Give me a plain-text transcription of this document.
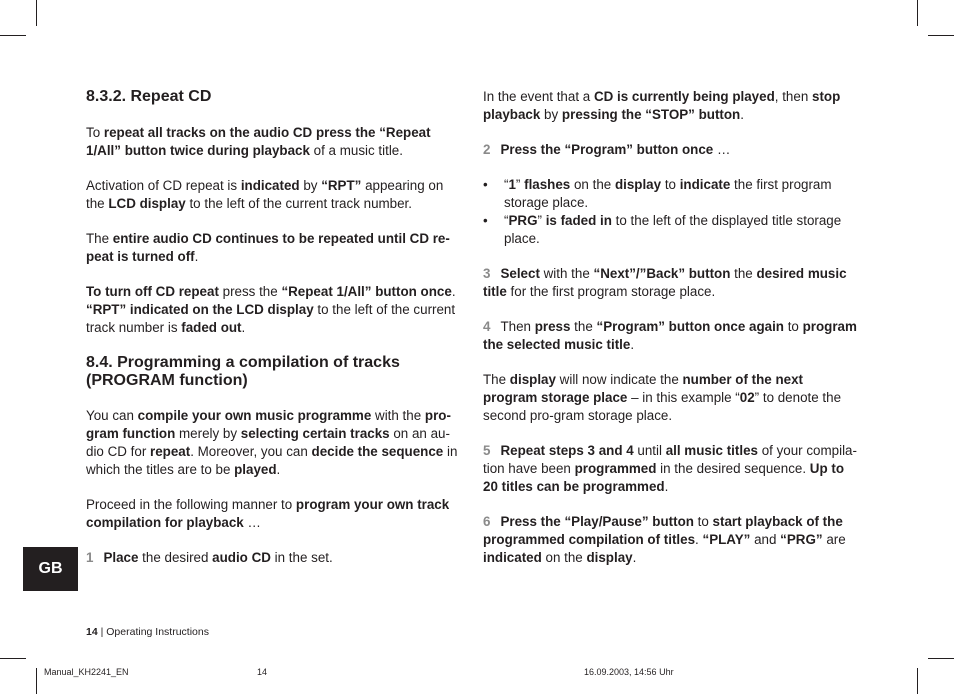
8.3.2. Repeat CD

To repeat all tracks on the audio CD press the “Repeat 1/All” button twice during playback of a music title.

Activation of CD repeat is indicated by “RPT” appearing on the LCD display to the left of the current track number.

The entire audio CD continues to be repeated until CD re-peat is turned off.

To turn off CD repeat press the “Repeat 1/All” button once. “RPT” indicated on the LCD display to the left of the current track number is faded out.

8.4. Programming a compilation of tracks (PROGRAM function)

You can compile your own music programme with the pro-gram function merely by selecting certain tracks on an au-dio CD for repeat. Moreover, you can decide the sequence in which the titles are to be played.

Proceed in the following manner to program your own track compilation for playback …

1 Place the desired audio CD in the set.

In the event that a CD is currently being played, then stop playback by pressing the “STOP” button.

2 Press the “Program” button once …

• “1” flashes on the display to indicate the first program storage place.

• “PRG” is faded in to the left of the displayed title storage place.

3 Select with the “Next”/”Back” button the desired music title for the first program storage place.

4 Then press the “Program” button once again to program the selected music title.

The display will now indicate the number of the next program storage place – in this example “02” to denote the second pro-gram storage place.

5 Repeat steps 3 and 4 until all music titles of your compila-tion have been programmed in the desired sequence. Up to 20 titles can be programmed.

6 Press the “Play/Pause” button to start playback of the programmed compilation of titles. “PLAY” and “PRG” are indicated on the display.

GB
14 | Operating Instructions
Manual_KH2241_EN	14	16.09.2003, 14:56 Uhr
